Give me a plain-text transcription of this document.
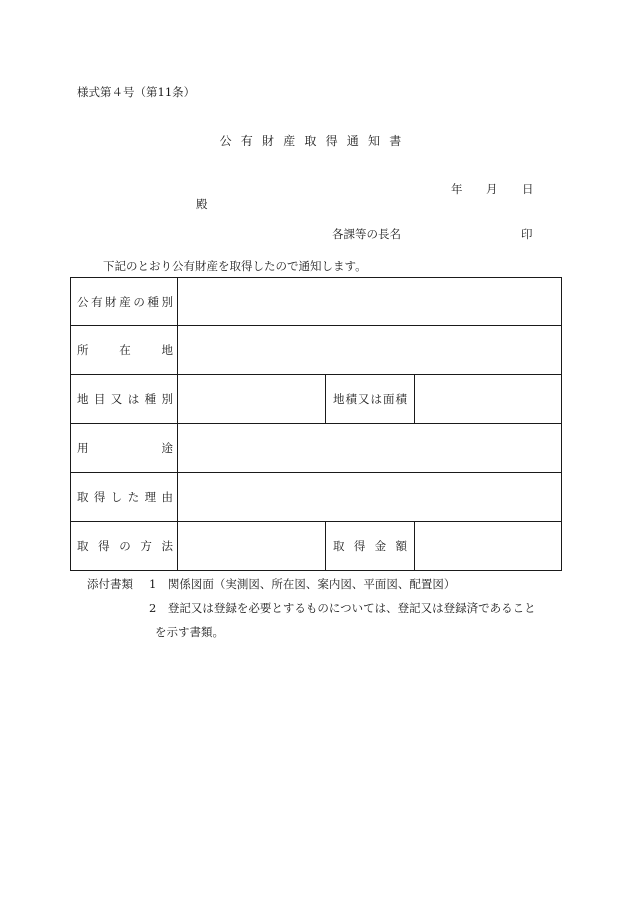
様式第４号（第11条）
公有財産取得通知書
年 月 日
殿
各課等の長名	印
下記のとおり公有財産を取得したので通知します。
公有財産の種別			
所在地			
地目又は種別		地積又は面積	
用途			
取得した理由			
取得の方法		取得金額	
添付書類 1　関係図面（実測図、所在図、案内図、平面図、配置図）
2　登記又は登録を必要とするものについては、登記又は登録済であること
を示す書類。
